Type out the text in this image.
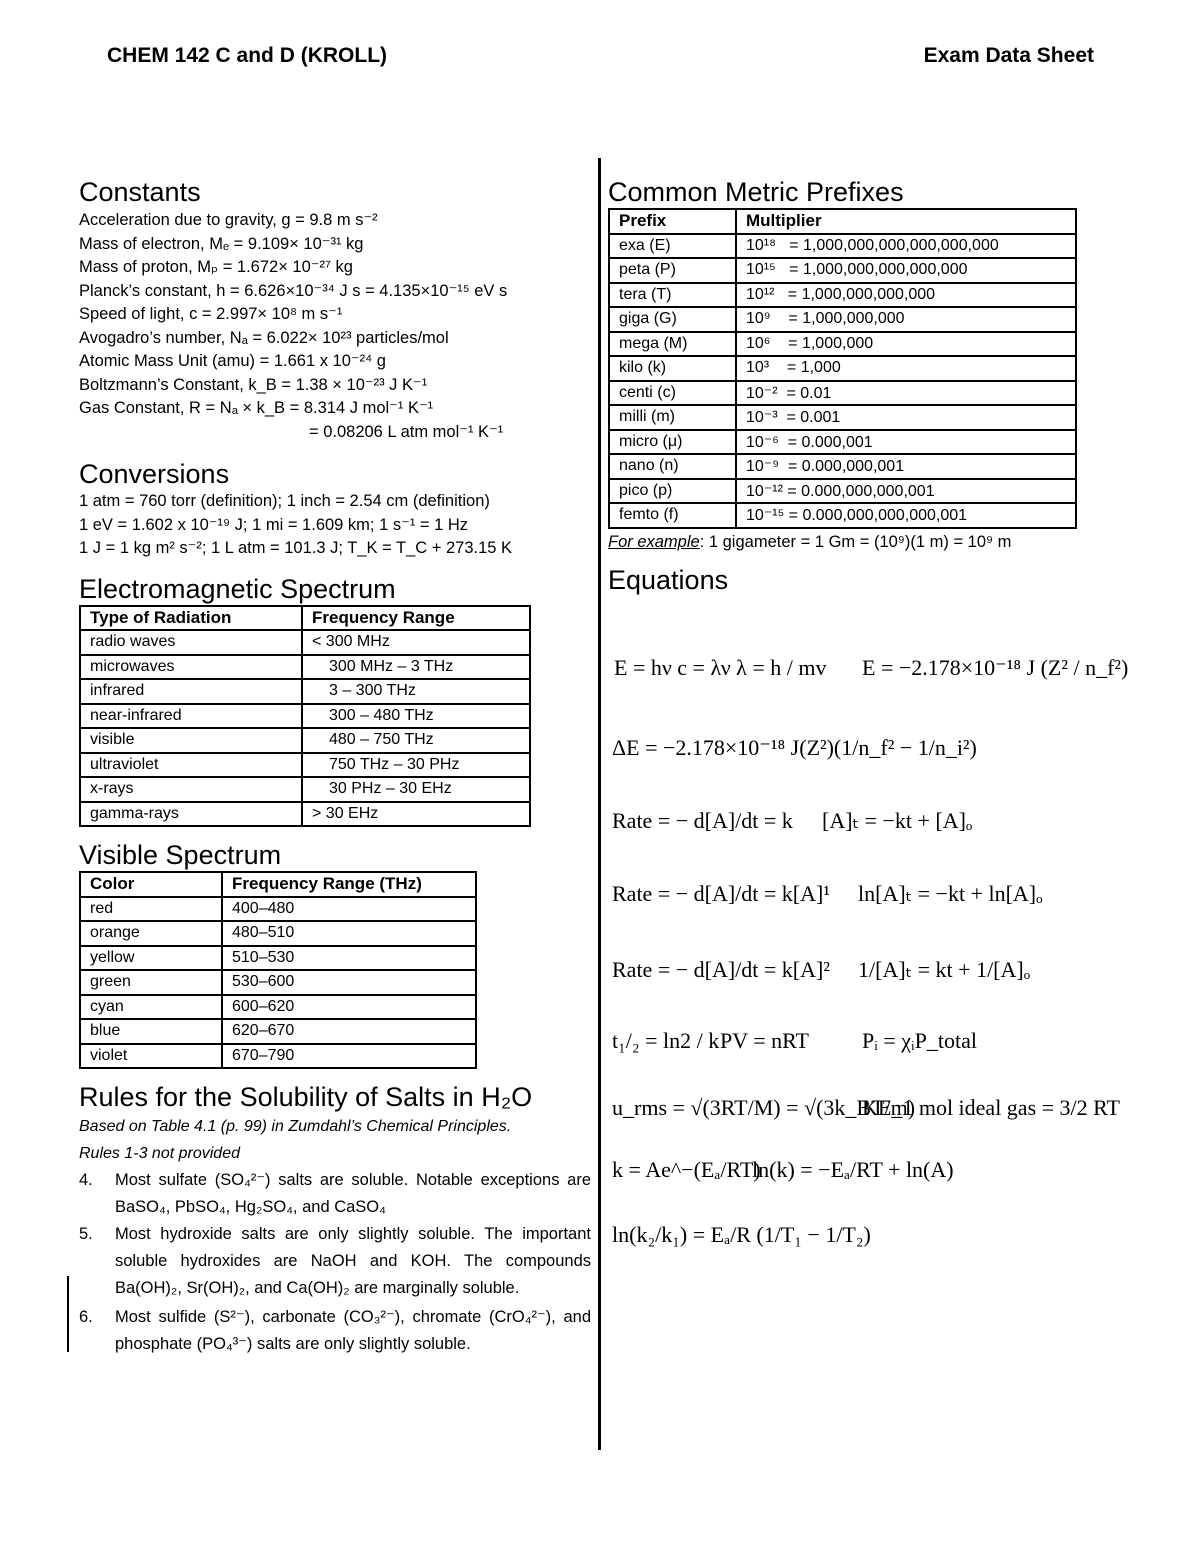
CHEM 142 C and D (KROLL)	Exam Data Sheet
Constants
Acceleration due to gravity, g = 9.8 m s⁻²
Mass of electron, Mₑ = 9.109× 10⁻³¹ kg
Mass of proton, Mₚ = 1.672× 10⁻²⁷ kg
Planck’s constant, h = 6.626×10⁻³⁴ J s = 4.135×10⁻¹⁵ eV s
Speed of light, c = 2.997× 10⁸ m s⁻¹
Avogadro’s number, Nₐ = 6.022× 10²³ particles/mol
Atomic Mass Unit (amu) = 1.661 x 10⁻²⁴ g
Boltzmann’s Constant, k_B = 1.38 × 10⁻²³ J K⁻¹
Gas Constant, R = Nₐ × k_B = 8.314 J mol⁻¹ K⁻¹
= 0.08206 L atm mol⁻¹ K⁻¹
Conversions
1 atm = 760 torr (definition); 1 inch = 2.54 cm (definition)
1 eV = 1.602 x 10⁻¹⁹ J; 1 mi = 1.609 km; 1 s⁻¹ = 1 Hz
1 J = 1 kg m² s⁻²; 1 L atm = 101.3 J; T_K = T_C + 273.15 K
Electromagnetic Spectrum
Type of Radiation	Frequency Range
radio waves	< 300 MHz
microwaves	300 MHz – 3 THz
infrared	3 – 300 THz
near-infrared	300 – 480 THz
visible	480 – 750 THz
ultraviolet	750 THz – 30 PHz
x-rays	30 PHz – 30 EHz
gamma-rays	> 30 EHz
Visible Spectrum
Color	Frequency Range (THz)
red	400–480
orange	480–510
yellow	510–530
green	530–600
cyan	600–620
blue	620–670
violet	670–790
Rules for the Solubility of Salts in H₂O
Based on Table 4.1 (p. 99) in Zumdahl’s Chemical Principles.
Rules 1-3 not provided
4.	Most sulfate (SO₄²⁻) salts are soluble. Notable exceptions are BaSO₄, PbSO₄, Hg₂SO₄, and CaSO₄
5.	Most hydroxide salts are only slightly soluble. The important soluble hydroxides are NaOH and KOH. The compounds Ba(OH)₂, Sr(OH)₂, and Ca(OH)₂ are marginally soluble.
6.	Most sulfide (S²⁻), carbonate (CO₃²⁻), chromate (CrO₄²⁻), and phosphate (PO₄³⁻) salts are only slightly soluble.
Common Metric Prefixes
Prefix	Multiplier
exa (E)	10¹⁸   = 1,000,000,000,000,000,000
peta (P)	10¹⁵   = 1,000,000,000,000,000
tera (T)	10¹²   = 1,000,000,000,000
giga (G)	10⁹    = 1,000,000,000
mega (M)	10⁶    = 1,000,000
kilo (k)	10³    = 1,000
centi (c)	10⁻²  = 0.01
milli (m)	10⁻³  = 0.001
micro (μ)	10⁻⁶  = 0.000,001
nano (n)	10⁻⁹  = 0.000,000,001
pico (p)	10⁻¹² = 0.000,000,000,001
femto (f)	10⁻¹⁵ = 0.000,000,000,000,001
For example: 1 gigameter = 1 Gm = (10⁹)(1 m) = 10⁹ m
Equations
E = hν c = λν λ = h / mv E = −2.178×10⁻¹⁸ J (Z² / n_f²)
ΔE = −2.178×10⁻¹⁸ J(Z²)(1/n_f² − 1/n_i²)
Rate = − d[A]/dt = k [A]ₜ = −kt + [A]ₒ
Rate = − d[A]/dt = k[A]¹ ln[A]ₜ = −kt + ln[A]ₒ
Rate = − d[A]/dt = k[A]² 1/[A]ₜ = kt + 1/[A]ₒ
t₁/₂ = ln2 / k PV = nRT Pᵢ = χᵢP_total
u_rms = √(3RT/M) = √(3k_BT/m)
KE_1 mol ideal gas = 3/2 RT
k = Ae^−(Eₐ/RT)
ln(k) = −Eₐ/RT + ln(A)
ln(k₂/k₁) = Eₐ/R (1/T₁ − 1/T₂)
